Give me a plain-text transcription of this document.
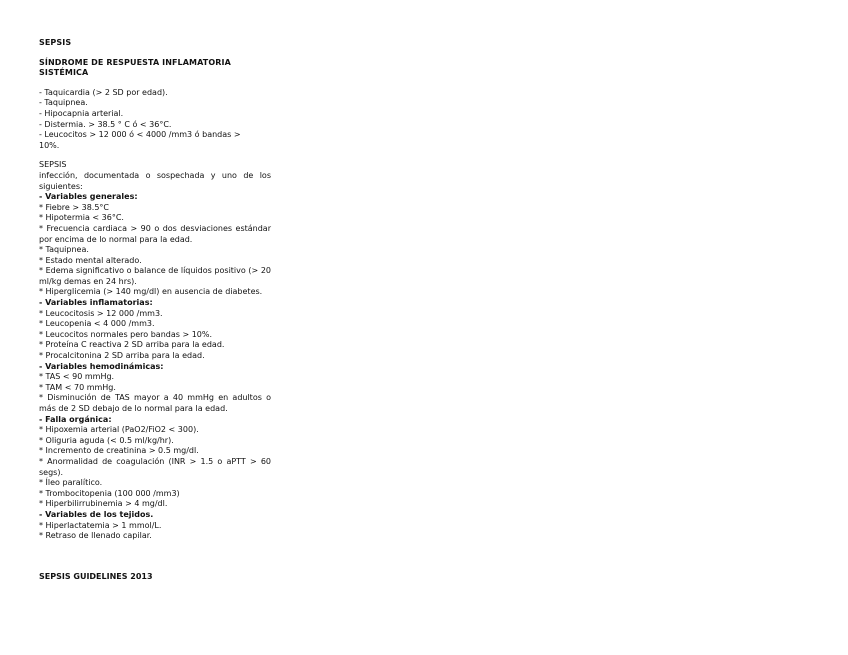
SEPSIS
SÍNDROME DE RESPUESTA INFLAMATORIA SISTÉMICA
- Taquicardia (> 2 SD por edad).
- Taquipnea.
- Hipocapnia arterial.
- Distermia. > 38.5 ° C ó < 36°C.
- Leucocitos > 12 000 ó < 4000 /mm3 ó bandas >
10%.
SEPSIS
infección, documentada o sospechada y uno de los siguientes:
- Variables generales:
* Fiebre > 38.5°C
* Hipotermia < 36°C.
* Frecuencia cardiaca > 90 o dos desviaciones estándar por encima de lo normal para la edad.
* Taquipnea.
* Estado mental alterado.
* Edema significativo o balance de líquidos positivo (> 20 ml/kg demas en 24 hrs).
* Hiperglicemia (> 140 mg/dl) en ausencia de diabetes.
- Variables inflamatorias:
* Leucocitosis > 12 000 /mm3.
* Leucopenia < 4 000 /mm3.
* Leucocitos normales pero bandas > 10%.
* Proteína C reactiva 2 SD arriba para la edad.
* Procalcitonina 2 SD arriba para la edad.
- Variables hemodinámicas:
* TAS < 90 mmHg.
* TAM < 70 mmHg.
* Disminución de TAS mayor a 40 mmHg en adultos o más de 2 SD debajo de lo normal para la edad.
- Falla orgánica:
* Hipoxemia arterial (PaO2/FiO2 < 300).
* Oliguria aguda (< 0.5 ml/kg/hr).
* Incremento de creatinina > 0.5 mg/dl.
* Anormalidad de coagulación (INR > 1.5 o aPTT > 60 segs).
* Íleo paralítico.
* Trombocitopenia (100 000 /mm3)
* Hiperbilirrubinemia > 4 mg/dl.
- Variables de los tejidos.
* Hiperlactatemia > 1 mmol/L.
* Retraso de llenado capilar.
SEPSIS GUIDELINES 2013
